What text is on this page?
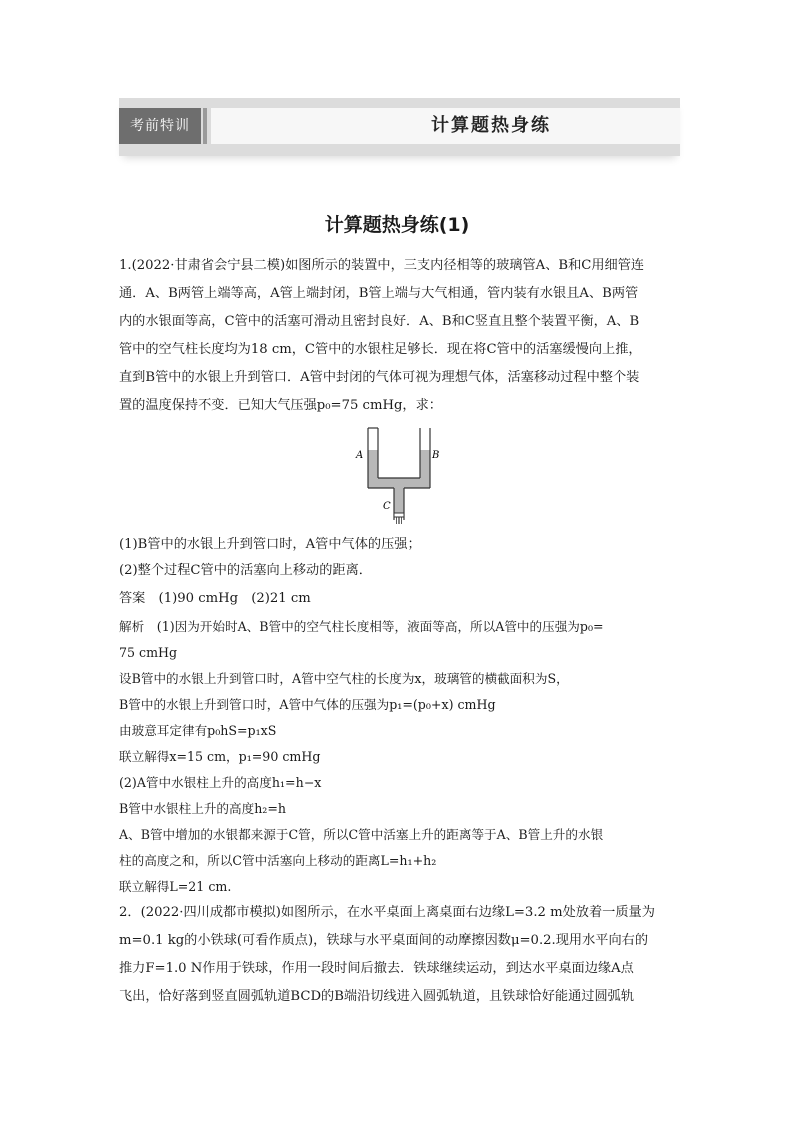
考前特训	计算题热身练
计算题热身练(1)
1.(2022·甘肃省会宁县二模)如图所示的装置中，三支内径相等的玻璃管A、B和C用细管连
通．A、B两管上端等高，A管上端封闭，B管上端与大气相通，管内装有水银且A、B两管
内的水银面等高，C管中的活塞可滑动且密封良好．A、B和C竖直且整个装置平衡，A、B
管中的空气柱长度均为18 cm，C管中的水银柱足够长．现在将C管中的活塞缓慢向上推，
直到B管中的水银上升到管口．A管中封闭的气体可视为理想气体，活塞移动过程中整个装
置的温度保持不变．已知大气压强p₀=75 cmHg，求：
A	B
C
(1)B管中的水银上升到管口时，A管中气体的压强；
(2)整个过程C管中的活塞向上移动的距离．
答案　(1)90 cmHg　(2)21 cm
解析　(1)因为开始时A、B管中的空气柱长度相等，液面等高，所以A管中的压强为p₀=
75 cmHg
设B管中的水银上升到管口时，A管中空气柱的长度为x，玻璃管的横截面积为S，
B管中的水银上升到管口时，A管中气体的压强为p₁=(p₀+x) cmHg
由玻意耳定律有p₀hS=p₁xS
联立解得x=15 cm，p₁=90 cmHg
(2)A管中水银柱上升的高度h₁=h−x
B管中水银柱上升的高度h₂=h
A、B管中增加的水银都来源于C管，所以C管中活塞上升的距离等于A、B管上升的水银
柱的高度之和，所以C管中活塞向上移动的距离L=h₁+h₂
联立解得L=21 cm.
2．(2022·四川成都市模拟)如图所示，在水平桌面上离桌面右边缘L=3.2 m处放着一质量为
m=0.1 kg的小铁球(可看作质点)，铁球与水平桌面间的动摩擦因数μ=0.2.现用水平向右的
推力F=1.0 N作用于铁球，作用一段时间后撤去．铁球继续运动，到达水平桌面边缘A点
飞出，恰好落到竖直圆弧轨道BCD的B端沿切线进入圆弧轨道，且铁球恰好能通过圆弧轨
